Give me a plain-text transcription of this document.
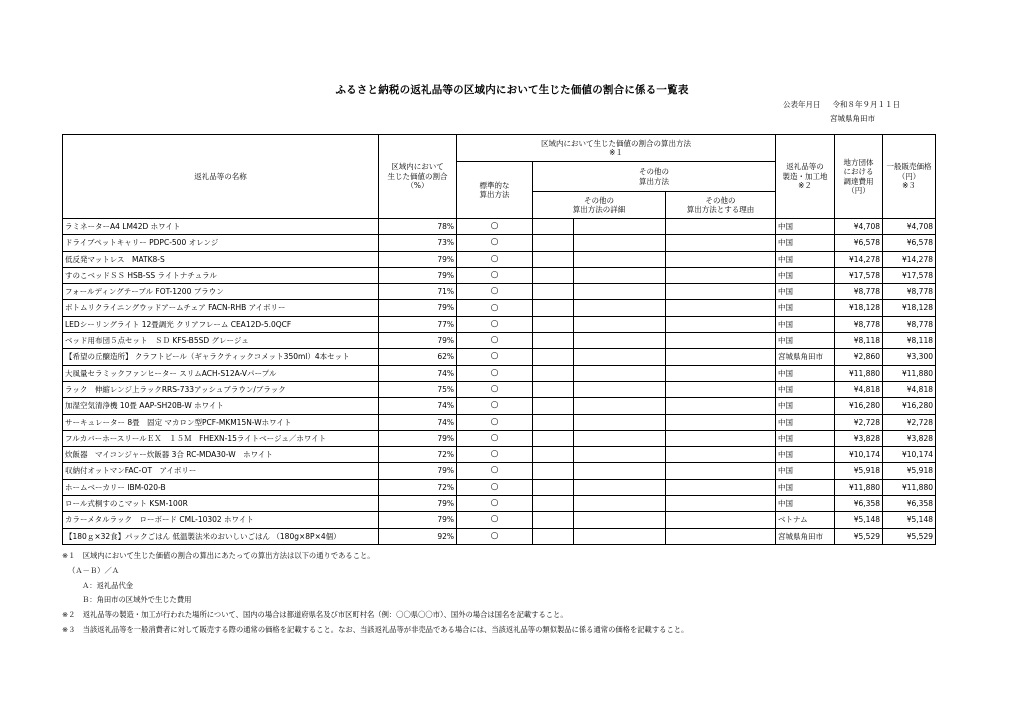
ふるさと納税の返礼品等の区域内において生じた価値の割合に係る一覧表
公表年月日 令和８年９月１１日
宮城県角田市
返礼品等の名称	区域内において
生じた価値の割合
（%）	区域内において生じた価値の割合の算出方法
※１				返礼品等の
製造・加工地
※２	地方団体
における
調達費用
（円）	一般販売価格
（円）
※３
		標準的な
算出方法	その他の
算出方法					
			その他の
算出方法の詳細		その他の
算出方法とする理由			
ラミネーターA4 LM42D ホワイト	78%	○				中国	¥4,708	¥4,708
ドライブペットキャリー PDPC-500 オレンジ	73%	○				中国	¥6,578	¥6,578
低反発マットレス　MATK8-S	79%	○				中国	¥14,278	¥14,278
すのこベッドＳＳ HSB-SS ライトナチュラル	79%	○				中国	¥17,578	¥17,578
フォールディングテーブル FOT-1200 ブラウン	71%	○				中国	¥8,778	¥8,778
ボトムリクライニングウッドアームチェア FACN-RHB アイボリー	79%	○				中国	¥18,128	¥18,128
LEDシーリングライト 12畳調光 クリアフレーム CEA12D-5.0QCF	77%	○				中国	¥8,778	¥8,778
ベッド用布団５点セット　ＳＤ KFS-B5SD グレージュ	79%	○				中国	¥8,118	¥8,118
【希望の丘醸造所】 クラフトビール（ギャラクティックコメット350ml）4本セット	62%	○				宮城県角田市	¥2,860	¥3,300
大風量セラミックファンヒーター スリムACH-S12A-Vパープル	74%	○				中国	¥11,880	¥11,880
ラック　伸縮レンジ上ラックRRS-733アッシュブラウン/ブラック	75%	○				中国	¥4,818	¥4,818
加湿空気清浄機 10畳 AAP-SH20B-W ホワイト	74%	○				中国	¥16,280	¥16,280
サーキュレーター 8畳　固定 マカロン型PCF-MKM15N-Wホワイト	74%	○				中国	¥2,728	¥2,728
フルカバーホースリールＥＸ　１５Ｍ　FHEXN-15ライトベージュ／ホワイト	79%	○				中国	¥3,828	¥3,828
炊飯器　マイコンジャー炊飯器 3合 RC-MDA30-W　ホワイト	72%	○				中国	¥10,174	¥10,174
収納付オットマンFAC-OT　アイボリー	79%	○				中国	¥5,918	¥5,918
ホームベーカリー IBM-020-B	72%	○				中国	¥11,880	¥11,880
ロール式桐すのこマット KSM-100R	79%	○				中国	¥6,358	¥6,358
カラーメタルラック　ローボード CML-10302 ホワイト	79%	○				ベトナム	¥5,148	¥5,148
【180ｇ×32食】パックごはん 低温製法米のおいしいごはん （180g×8P×4個）	92%	○				宮城県角田市	¥5,529	¥5,529
※１　区域内において生じた価値の割合の算出にあたっての算出方法は以下の通りであること。
（Ａ－Ｂ）／Ａ
Ａ：返礼品代金
Ｂ：角田市の区域外で生じた費用
※２　返礼品等の製造・加工が行われた場所について、国内の場合は都道府県名及び市区町村名（例：〇〇県〇〇市）、国外の場合は国名を記載すること。
※３　当該返礼品等を一般消費者に対して販売する際の通常の価格を記載すること。なお、当該返礼品等が非売品である場合には、当該返礼品等の類似製品に係る通常の価格を記載すること。
